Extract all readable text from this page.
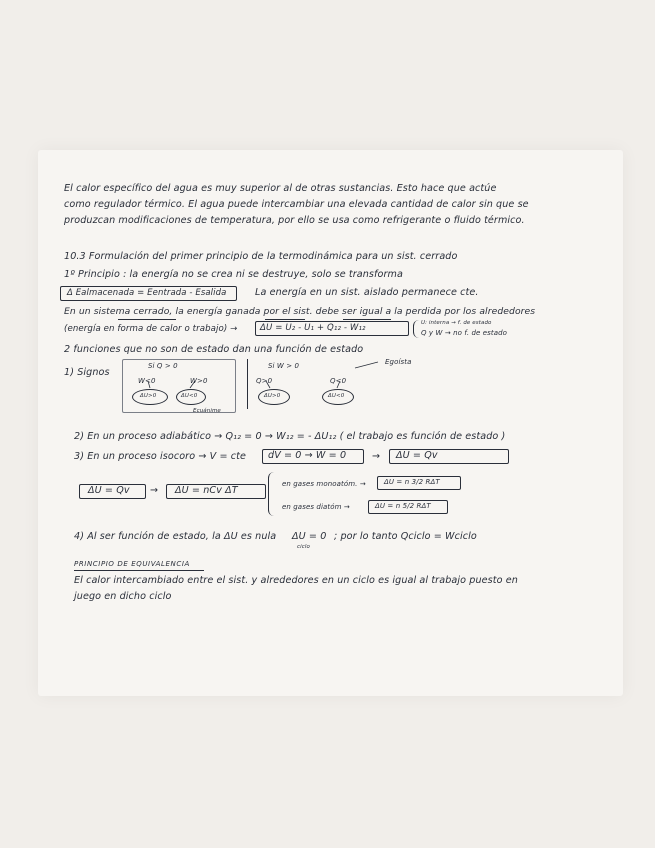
El calor específico del agua es muy superior al de otras sustancias. Esto hace que actúe
como regulador térmico. El agua puede intercambiar una elevada cantidad de calor sin que se
produzcan modificaciones de temperatura, por ello se usa como refrigerante o fluido térmico.
10.3 Formulación del primer principio de la termodinámica para un sist. cerrado
1º Principio : la energía no se crea ni se destruye, solo se transforma
Δ Ealmacenada = Eentrada - Esalida	La energía en un sist. aislado permanece cte.
En un sistema cerrado, la energía ganada por el sist. debe ser igual a la perdida por los alrededores
(energía en forma de calor o trabajo) →	ΔU = U₂ - U₁ + Q₁₂ - W₁₂	U: interna → f. de estado
Q y W → no f. de estado
2 funciones que no son de estado dan una función de estado
1) Signos
Egoísta
Si Q > 0
W<0	W>0
ΔU>0	ΔU<0
Ecuánime
Si W > 0
Q>0	Q<0
ΔU>0	ΔU<0
2) En un proceso adiabático → Q₁₂ = 0 → W₁₂ = - ΔU₁₂ ( el trabajo es función de estado )
3) En un proceso isocoro → V = cte dV = 0 → W = 0	→ ΔU = Qv
ΔU = Qv → ΔU = nCv ΔT
en gases monoatóm. →	ΔU = n 3/2 RΔT
en gases diatóm →	ΔU = n 5/2 RΔT
4) Al ser función de estado, la ΔU es nula ΔU = 0
ciclo
; por lo tanto Qciclo = Wciclo
PRINCIPIO DE EQUIVALENCIA
El calor intercambiado entre el sist. y alrededores en un ciclo es igual al trabajo puesto en
juego en dicho ciclo
